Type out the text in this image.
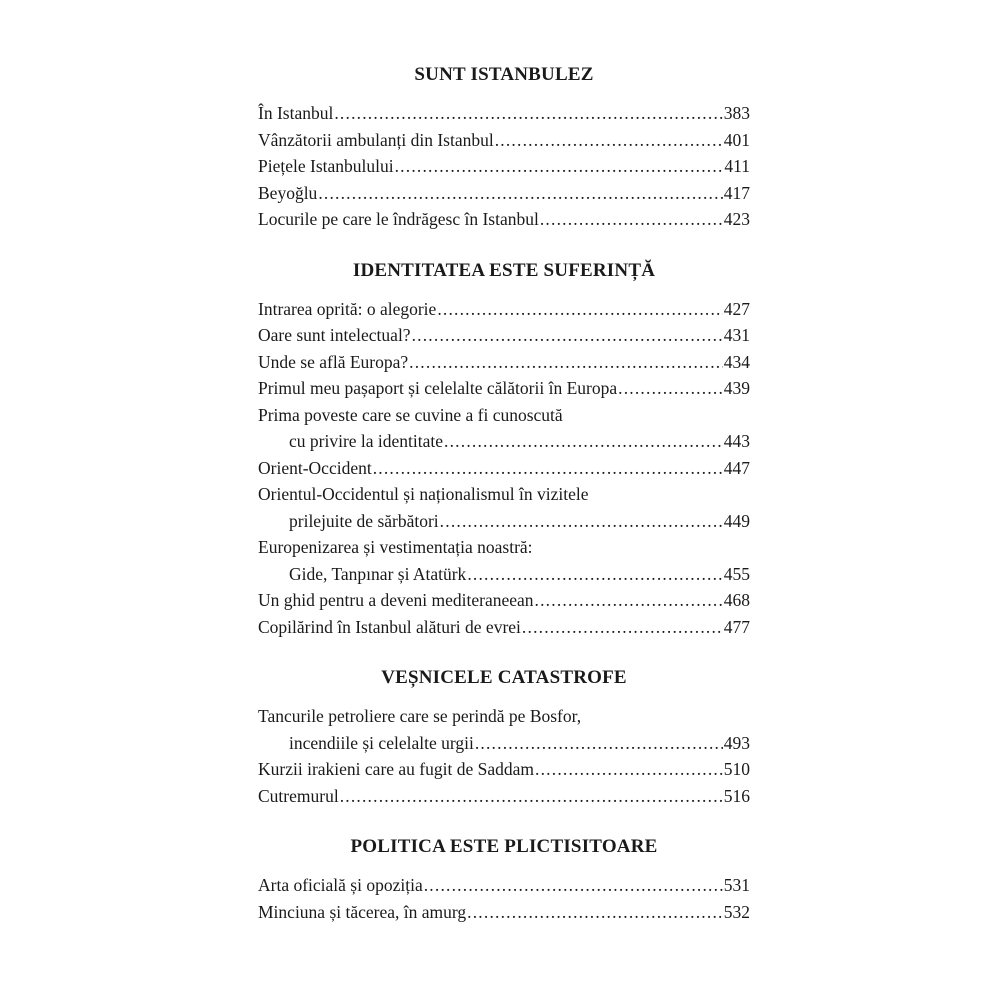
SUNT ISTANBULEZ
În Istanbul .....	383
Vânzătorii ambulanți din Istanbul .....	401
Piețele Istanbulului .....	411
Beyoğlu .....	417
Locurile pe care le îndrăgesc în Istanbul .....	423
IDENTITATEA ESTE SUFERINȚĂ
Intrarea oprită: o alegorie .....	427
Oare sunt intelectual? .....	431
Unde se află Europa? .....	434
Primul meu pașaport și celelalte călătorii în Europa .....	439
Prima poveste care se cuvine a fi cunoscută
cu privire la identitate .....	443
Orient-Occident .....	447
Orientul-Occidentul și naționalismul în vizitele
prilejuite de sărbători .....	449
Europenizarea și vestimentația noastră:
Gide, Tanpınar și Atatürk .....	455
Un ghid pentru a deveni mediteraneean .....	468
Copilărind în Istanbul alături de evrei .....	477
VEȘNICELE CATASTROFE
Tancurile petroliere care se perindă pe Bosfor,
incendiile și celelalte urgii .....	493
Kurzii irakieni care au fugit de Saddam .....	510
Cutremurul .....	516
POLITICA ESTE PLICTISITOARE
Arta oficială și opoziția .....	531
Minciuna și tăcerea, în amurg .....	532
